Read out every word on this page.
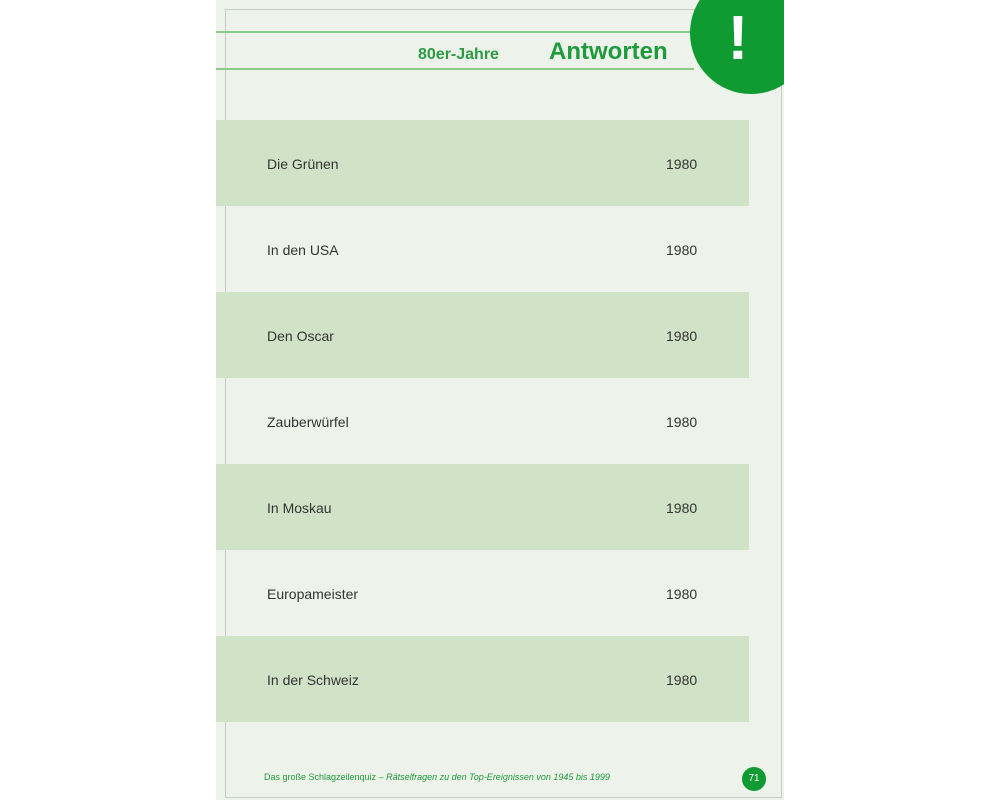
80er-Jahre Antworten !
Die Grünen	1980
In den USA	1980
Den Oscar	1980
Zauberwürfel	1980
In Moskau	1980
Europameister	1980
In der Schweiz	1980
Das große Schlagzeilenquiz – Rätselfragen zu den Top-Ereignissen von 1945 bis 1999	71
